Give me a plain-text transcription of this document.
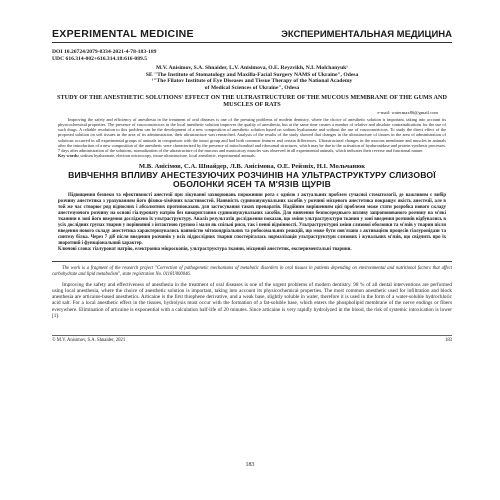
EXPERIMENTAL MEDICINE	ЭКСПЕРИМЕНТАЛЬНАЯ МЕДИЦИНА
DOI 10.26724/2079-8334-2021-4-78-183-189
UDC 616.314-002+616.314.18:616-089.5
M.V. Anisimov, S.A. Shnaider, L.V. Anisimova, O.E. Reyzvikh, N.I. Molchanyuk¹
SE "The Institute of Stomatology and Maxilla-Facial Surgery NAMS of Ukraine", Odesa
¹"The Filatov Institute of Eye Diseases and Tissue Therapy of the National Academy
of Medical Sciences of Ukraine", Odesa
STUDY OF THE ANESTHETIC SOLUTIONS' EFFECT ON THE ULTRASTRUCTURE OF THE MUCOUS MEMBRANE OF THE GUMS AND MUSCLES OF RATS
e-mail: watermax86@gmail.com
Improving the safety and efficiency of anesthesia in the treatment of oral diseases is one of the pressing problems of modern dentistry, where the choice of anesthetic solution is important, taking into account its physicochemical properties. The presence of vasoconstrictors in the local anesthetic solution improves the quality of anesthesia, but at the same time creates a number of relative and absolute contraindications for the use of such drugs. A reliable resolution to this problem can be the development of a new composition of anesthetic solution based on sodium hyaluronate and without the use of vasoconstrictors. To study the direct effect of the proposed solution on soft tissues in the area of its administration, their ultrastructure was researched. Analysis of the results of the study showed that changes in the ultrastructure of tissues in the area of administration of solutions occurred in all experimental groups of animals in comparison with the intact group and had both common features and certain differences. Ultrastructural changes in the mucous membrane and muscles in animals after the introduction of a new composition of the anesthetic were characterized by the presence of mitochondrial and ribosomal structures, which may be due to the activation of hyaluronidase and protein synthesis processes. 7 days after administration of the solutions, normalization of the ultrastructure of the mucous and masticatory muscles was observed in all experimental animals, which indicates their reverse and functional nature.
Key words: sodium hyaluronate, electron microscopy, tissue ultrastructure, local anesthetic, experimental animals.
М.В. Анісімов, С.А. Шнайдер, Л.В. Анісімова, О.Е. Рейзвіх, Н.І. Мольчанюк
ВИВЧЕННЯ ВПЛИВУ АНЕСТЕЗУЮЧИХ РОЗЧИНІВ НА УЛЬТРАСТРУКТУРУ СЛИЗОВОЇ ОБОЛОНКИ ЯСЕН ТА М'ЯЗІВ ЩУРІВ
Підвищення безпеки та ефективності анестезії при лікуванні захворювань порожнини рота є однією з актуальних проблем сучасної стоматології, де важливим є вибір розчину анестетика з урахуванням його фізико-хімічних властивостей. Наявність судинозвужувальних засобів у розчині місцевого анестетика покращує якість анестезії, але в той же час створює ряд відносних і абсолютних протипоказань для застосування таких препаратів. Надійним вирішенням цієї проблеми може стати розробка нового складу анестезуючого розчину на основі гіалуронату натрію без використання судинозвужувальних засобів. Для вивчення безпосереднього впливу запропонованого розчину на м'які тканини в зоні його введення досліджено їх ультраструктуру. Аналіз результатів дослідження показав, що зміни ультраструктури тканин у зоні введення розчинів відбувались в усіх дослідних групах тварин у порівнянні з інтактною групою і мали як спільні риси, так і певні відмінності. Ультраструктурні зміни слизової оболонки та м'язів у тварин після введення нового складу анестетика характеризувались наявністю мітохондріальних та рибосомальних реакцій, що може бути пов'язано з активацією процесів гіалуронідази та синтезу білка. Через 7 діб після введення розчинів у всіх піддослідних тварин спостерігалась нормалізація ультраструктури слизових і жувальних м'язів, що свідчить про їх зворотний і функціональний характер.
Ключові слова: гіалуронат натрію, електронна мікроскопія, ультраструктура тканин, місцевий анестетик, експериментальні тварини.
The work is a fragment of the research project "Correction of pathogenetic mechanisms of metabolic disorders in oral tissues in patients depending on environmental and nutritional factors that affect carbohydrate and lipid metabolism", state registration No. 0118U000046.
Improving the safety and effectiveness of anesthesia in the treatment of oral diseases is one of the urgent problems of modern dentistry. 98 % of all dental interventions are performed using local anesthesia, where the choice of anesthetic solution is important, taking into account its physicochemical properties. The most common anesthetic used for infiltration and block anesthesia are articaine-based anesthetics. Articaine is the first thiophene derivative, and a weak base, slightly soluble in water, therefore it is used in the form of a water-soluble hydrochloric acid salt. For a local anesthetic effect in the tissues, hydrolysis must occur with the formation of a fat-soluble base, which enters the phospholipid membrane of the nerve endings or fibers everywhere. Elimination of articaine is exponential with a calculation half-life of 20 minutes. Since articaine is very rapidly hydrolyzed in the blood, the risk of systemic intoxication is lower [1].
© M.V. Anisimov, S.A. Shnaider, 2021	183
183
